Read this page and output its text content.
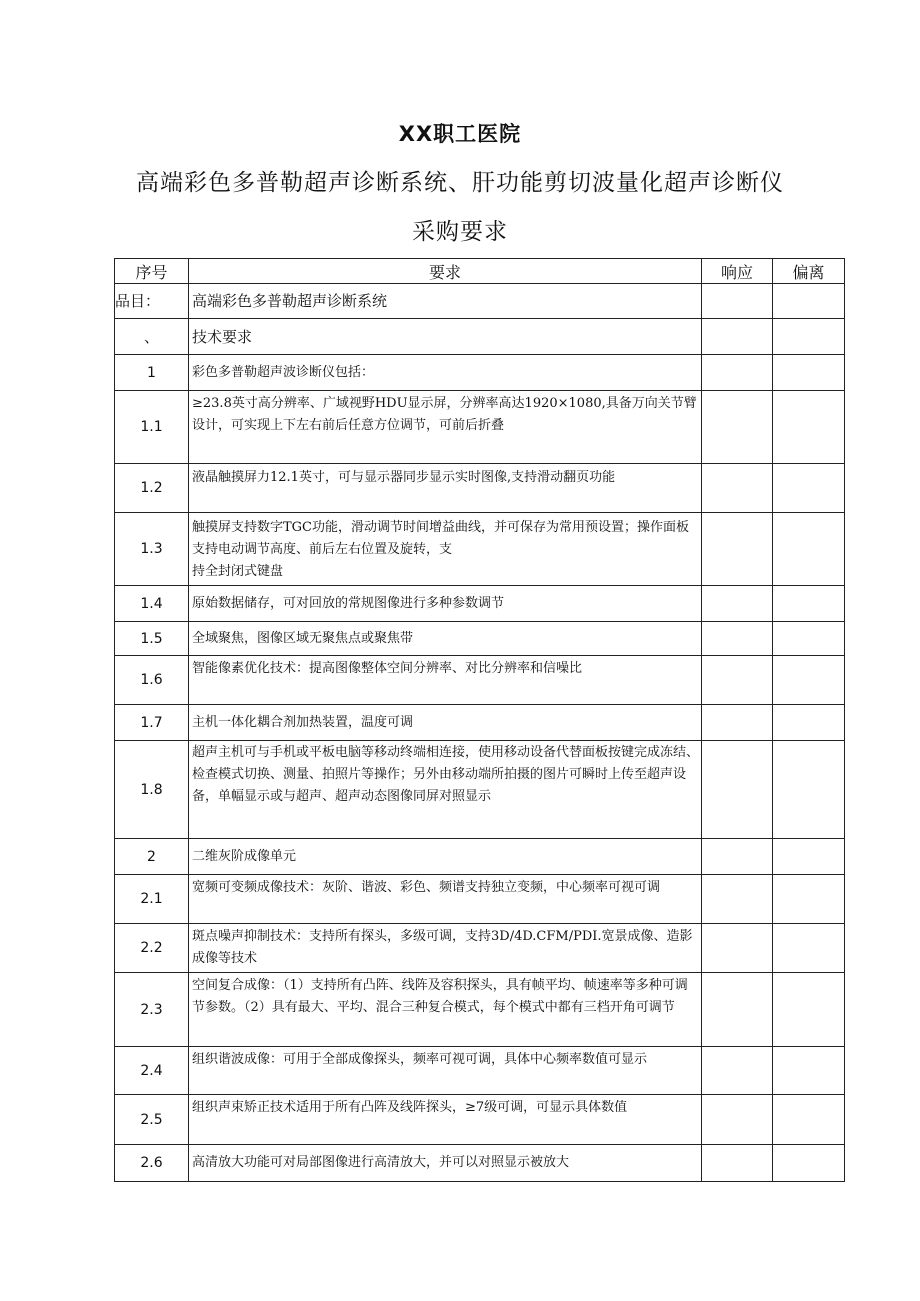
XX职工医院
高端彩色多普勒超声诊断系统、肝功能剪切波量化超声诊断仪
采购要求
序号	要求	响应	偏离
品目：	高端彩色多普勒超声诊断系统		
、	技术要求		
1	彩色多普勒超声波诊断仪包括：		
1.1	≥23.8英寸高分辨率、广域视野HDU显示屏，分辨率高达1920×1080,具备万向关节臂设计，可实现上下左右前后任意方位调节，可前后折叠		
1.2	液晶触摸屏力12.1英寸，可与显示器同步显示实时图像,支持滑动翻页功能		
1.3	触摸屏支持数字TGC功能，滑动调节时间增益曲线，并可保存为常用预设置；操作面板支持电动调节高度、前后左右位置及旋转，支
持全封闭式键盘		

1.4	原始数据储存，可对回放的常规图像进行多种参数调节		
1.5	全域聚焦，图像区域无聚焦点或聚焦带		
1.6	智能像素优化技术：提高图像整体空间分辨率、对比分辨率和信噪比		
1.7	主机一体化耦合剂加热装置，温度可调		
1.8	超声主机可与手机或平板电脑等移动终端相连接，使用移动设备代替面板按键完成冻结、检查模式切换、测量、拍照片等操作；另外由移动端所拍摄的图片可瞬时上传至超声设备，单幅显示或与超声、超声动态图像同屏对照显示		
2	二维灰阶成像单元		
2.1	宽频可变频成像技术：灰阶、谐波、彩色、频谱支持独立变频，中心频率可视可调		
2.2	斑点噪声抑制技术：支持所有探头，多级可调，支持3D/4D.CFM/PDI.宽景成像、造影成像等技术		
2.3	空间复合成像：（1）支持所有凸阵、线阵及容积探头，具有帧平均、帧速率等多种可调节参数。（2）具有最大、平均、混合三种复合模式，每个模式中都有三档开角可调节		
2.4	组织谐波成像：可用于全部成像探头，频率可视可调，具体中心频率数值可显示		
2.5	组织声束矫正技术适用于所有凸阵及线阵探头，≥7级可调，可显示具体数值		
2.6	高清放大功能可对局部图像进行高清放大，并可以对照显示被放大		
